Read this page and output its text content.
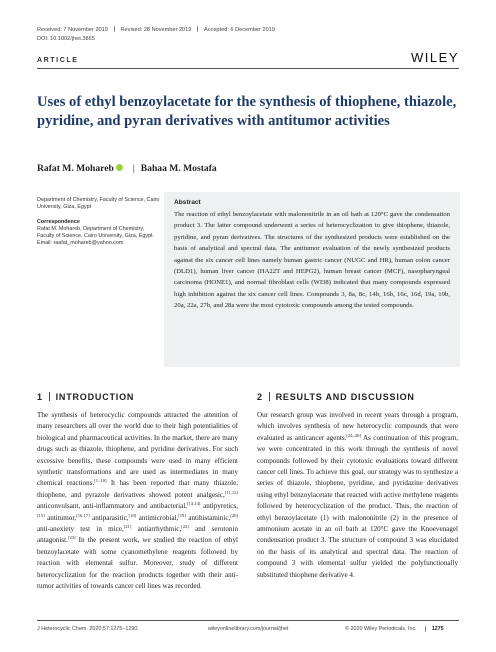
Received: 7 November 2019 Revised: 28 November 2019 Accepted: 6 December 2019
DOI: 10.1002/jhet.3865
ARTICLE	WILEY
Uses of ethyl benzoylacetate for the synthesis of thiophene, thiazole, pyridine, and pyran derivatives with antitumor activities
Rafat M. Mohareb | Bahaa M. Mostafa
Department of Chemistry, Faculty of Science, Cairo University, Giza, Egypt
Correspondence
Rafat M. Mohareb, Department of Chemistry, Faculty of Science, Cairo University, Giza, Egypt.
Email: raafat_mohareb@yahoo.com
Abstract
The reaction of ethyl benzoylacetate with malononitrile in an oil bath at 120°C gave the condensation product 3. The latter compound underwent a series of heterocyclization to give thiophene, thiazole, pyridine, and pyran derivatives. The structures of the synthesized products were established on the basis of analytical and spectral data. The antitumor evaluation of the newly synthesized products against the six cancer cell lines namely human gastric cancer (NUGC and HR), human colon cancer (DLD1), human liver cancer (HA22T and HEPG2), human breast cancer (MCF), nasopharyngeal carcinoma (HONE1), and normal fibroblast cells (WI38) indicated that many compounds expressed high inhibition against the six cancer cell lines. Compounds 3, 8a, 8c, 14b, 16b, 16c, 16d, 19a, 19b, 20a, 22a, 27b, and 28a were the most cytotoxic compounds among the tested compounds.
1 INTRODUCTION	2 RESULTS AND DISCUSSION
The synthesis of heterocyclic compounds attracted the attention of many researchers all over the world due to their high potentialities of biological and pharmaceutical activities. In the market, there are many drugs such as thiazole, thiophene, and pyridine derivatives. For such excessive benefits, these compounds were used in many efficient synthetic transformations and are used as intermediates in many chemical reactions.[1–10] It has been reported that many thiazole, thiophene, and pyrazole derivatives showed potent analgesic,[11,12] anticonvulsant, anti-inflammatory and antibacterial,[13,14] antipyretics,[15] antitumor,[16,17] antiparasitic,[18] antimicrobial,[19] antihistaminic,[20] anti-anexiety test in mice,[21] antiarrhythmic,[22] and serotonin antagonist.[23] In the present work, we studied the reaction of ethyl benzoylacetate with some cyanomethylene reagents followed by reaction with elemental sulfur. Moreover, study of different heterocyclization for the reaction products together with their anti-tumor activities of towards cancer cell lines was recorded.
Our research group was involved in recent years through a program, which involves synthesis of new heterocyclic compounds that were evaluated as anticancer agents.[24–26] As continuation of this program, we were concentrated in this work through the synthesis of novel compounds followed by their cytotoxic evaluations toward different cancer cell lines. To achieve this goal, our strategy was to synthesize a series of thiazole, thiophene, pyridine, and pyridazine derivatives using ethyl benzoylacetate that reacted with active methylene reagents followed by heterocyclization of the product. Thus, the reaction of ethyl benzoylacetate (1) with malononitrile (2) in the presence of ammonium acetate in an oil bath at 120°C gave the Knoevenagel condensation product 3. The structure of compound 3 was elucidated on the basis of its analytical and spectral data. The reaction of compound 3 with elemental sulfur yielded the polyfunctionally substituted thiophene derivative 4.
J Heterocyclic Chem. 2020;57:1275–1290.	wileyonlinelibrary.com/journal/jhet	© 2020 Wiley Periodicals, Inc.	1275
